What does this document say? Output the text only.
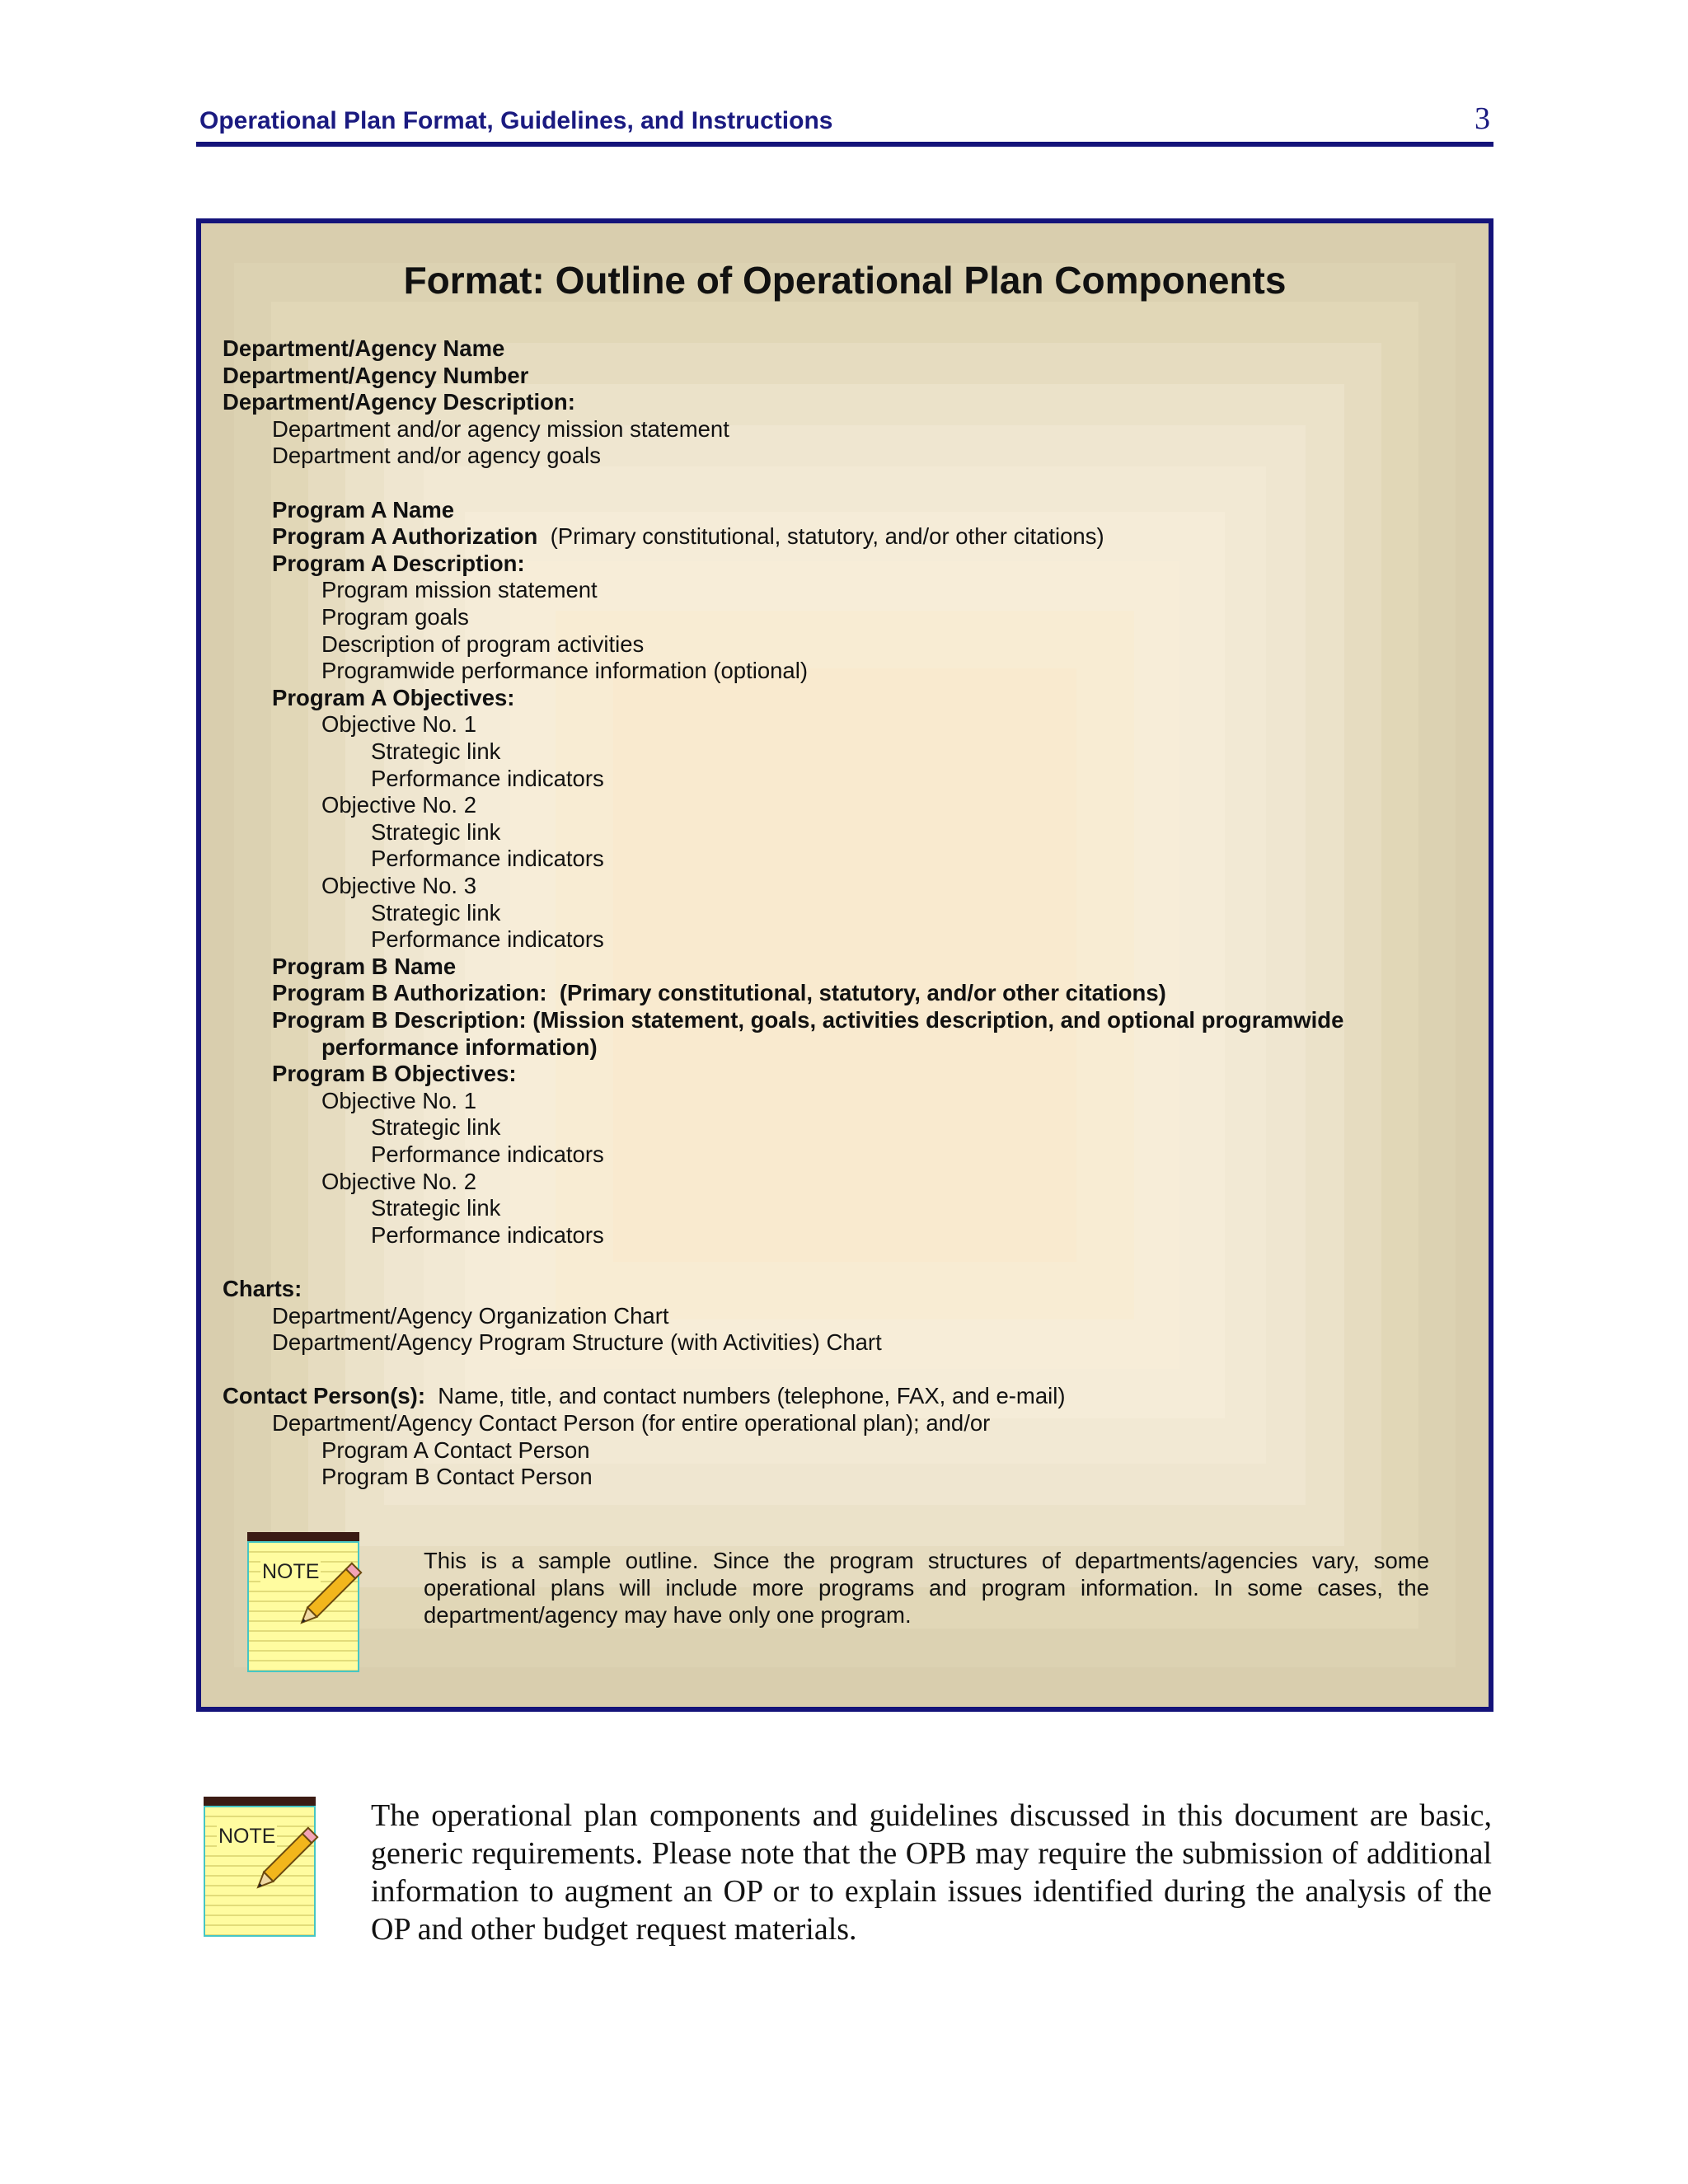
Operational Plan Format, Guidelines, and Instructions	3
Format: Outline of Operational Plan Components
Department/Agency Name
Department/Agency Number
Department/Agency Description:
Department and/or agency mission statement
Department and/or agency goals
Program A Name
Program A Authorization  (Primary constitutional, statutory, and/or other citations)
Program A Description:
Program mission statement
Program goals
Description of program activities
Programwide performance information (optional)
Program A Objectives:
Objective No. 1
Strategic link
Performance indicators
Objective No. 2
Strategic link
Performance indicators
Objective No. 3
Strategic link
Performance indicators
Program B Name
Program B Authorization:  (Primary constitutional, statutory, and/or other citations)
Program B Description: (Mission statement, goals, activities description, and optional programwide
performance information)
Program B Objectives:
Objective No. 1
Strategic link
Performance indicators
Objective No. 2
Strategic link
Performance indicators
Charts:
Department/Agency Organization Chart
Department/Agency Program Structure (with Activities) Chart
Contact Person(s):  Name, title, and contact numbers (telephone, FAX, and e-mail)
Department/Agency Contact Person (for entire operational plan); and/or
Program A Contact Person
Program B Contact Person
NOTE	This is a sample outline. Since the program structures of departments/agencies vary, some operational plans will include more programs and program information. In some cases, the department/agency may have only one program.
NOTE
The operational plan components and guidelines discussed in this document are basic, generic requirements. Please note that the OPB may require the submission of additional information to augment an OP or to explain issues identified during the analysis of the OP and other budget request materials.
